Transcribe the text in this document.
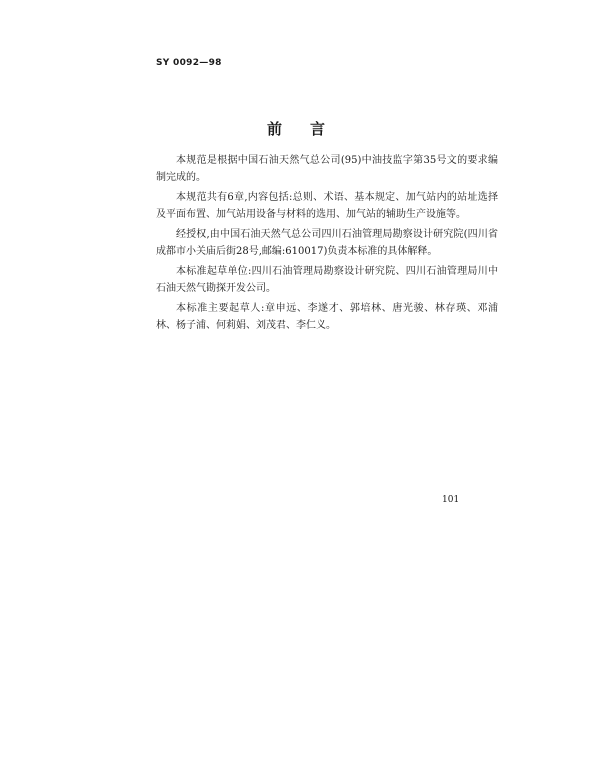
SY 0092—98
前言

本规范是根据中国石油天然气总公司(95)中油技监字第35号文的要求编制完成的。

本规范共有6章,内容包括:总则、术语、基本规定、加气站内的站址选择及平面布置、加气站用设备与材料的选用、加气站的辅助生产设施等。

经授权,由中国石油天然气总公司四川石油管理局勘察设计研究院(四川省成都市小关庙后街28号,邮编:610017)负责本标准的具体解释。

本标准起草单位:四川石油管理局勘察设计研究院、四川石油管理局川中石油天然气勘探开发公司。

本标准主要起草人:章申远、李遂才、郭培林、唐光骏、林存瑛、邓浦林、杨子浦、何莉娟、刘茂君、李仁义。

101
